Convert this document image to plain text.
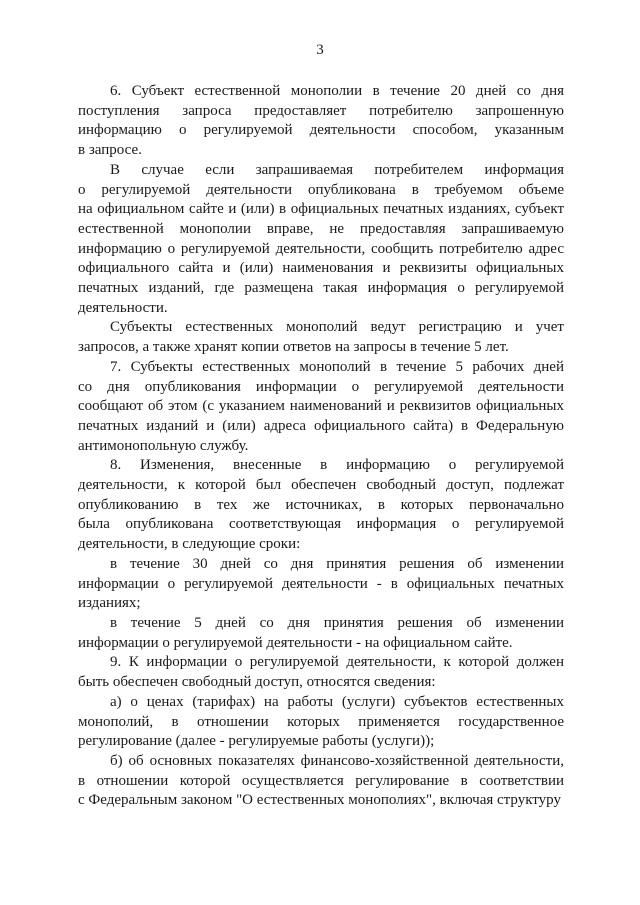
3
6. Субъект естественной монополии в течение 20 дней со дня
поступления запроса предоставляет потребителю запрошенную
информацию о регулируемой деятельности способом, указанным
в запросе.
В случае если запрашиваемая потребителем информация
о регулируемой деятельности опубликована в требуемом объеме
на официальном сайте и (или) в официальных печатных изданиях, субъект
естественной монополии вправе, не предоставляя запрашиваемую
информацию о регулируемой деятельности, сообщить потребителю адрес
официального сайта и (или) наименования и реквизиты официальных
печатных изданий, где размещена такая информация о регулируемой
деятельности.
Субъекты естественных монополий ведут регистрацию и учет
запросов, а также хранят копии ответов на запросы в течение 5 лет.
7. Субъекты естественных монополий в течение 5 рабочих дней
со дня опубликования информации о регулируемой деятельности
сообщают об этом (с указанием наименований и реквизитов официальных
печатных изданий и (или) адреса официального сайта) в Федеральную
антимонопольную службу.
8. Изменения, внесенные в информацию о регулируемой
деятельности, к которой был обеспечен свободный доступ, подлежат
опубликованию в тех же источниках, в которых первоначально
была опубликована соответствующая информация о регулируемой
деятельности, в следующие сроки:
в течение 30 дней со дня принятия решения об изменении
информации о регулируемой деятельности - в официальных печатных
изданиях;
в течение 5 дней со дня принятия решения об изменении
информации о регулируемой деятельности - на официальном сайте.
9. К информации о регулируемой деятельности, к которой должен
быть обеспечен свободный доступ, относятся сведения:
а) о ценах (тарифах) на работы (услуги) субъектов естественных
монополий, в отношении которых применяется государственное
регулирование (далее - регулируемые работы (услуги));
б) об основных показателях финансово-хозяйственной деятельности,
в отношении которой осуществляется регулирование в соответствии
с Федеральным законом "О естественных монополиях", включая структуру
